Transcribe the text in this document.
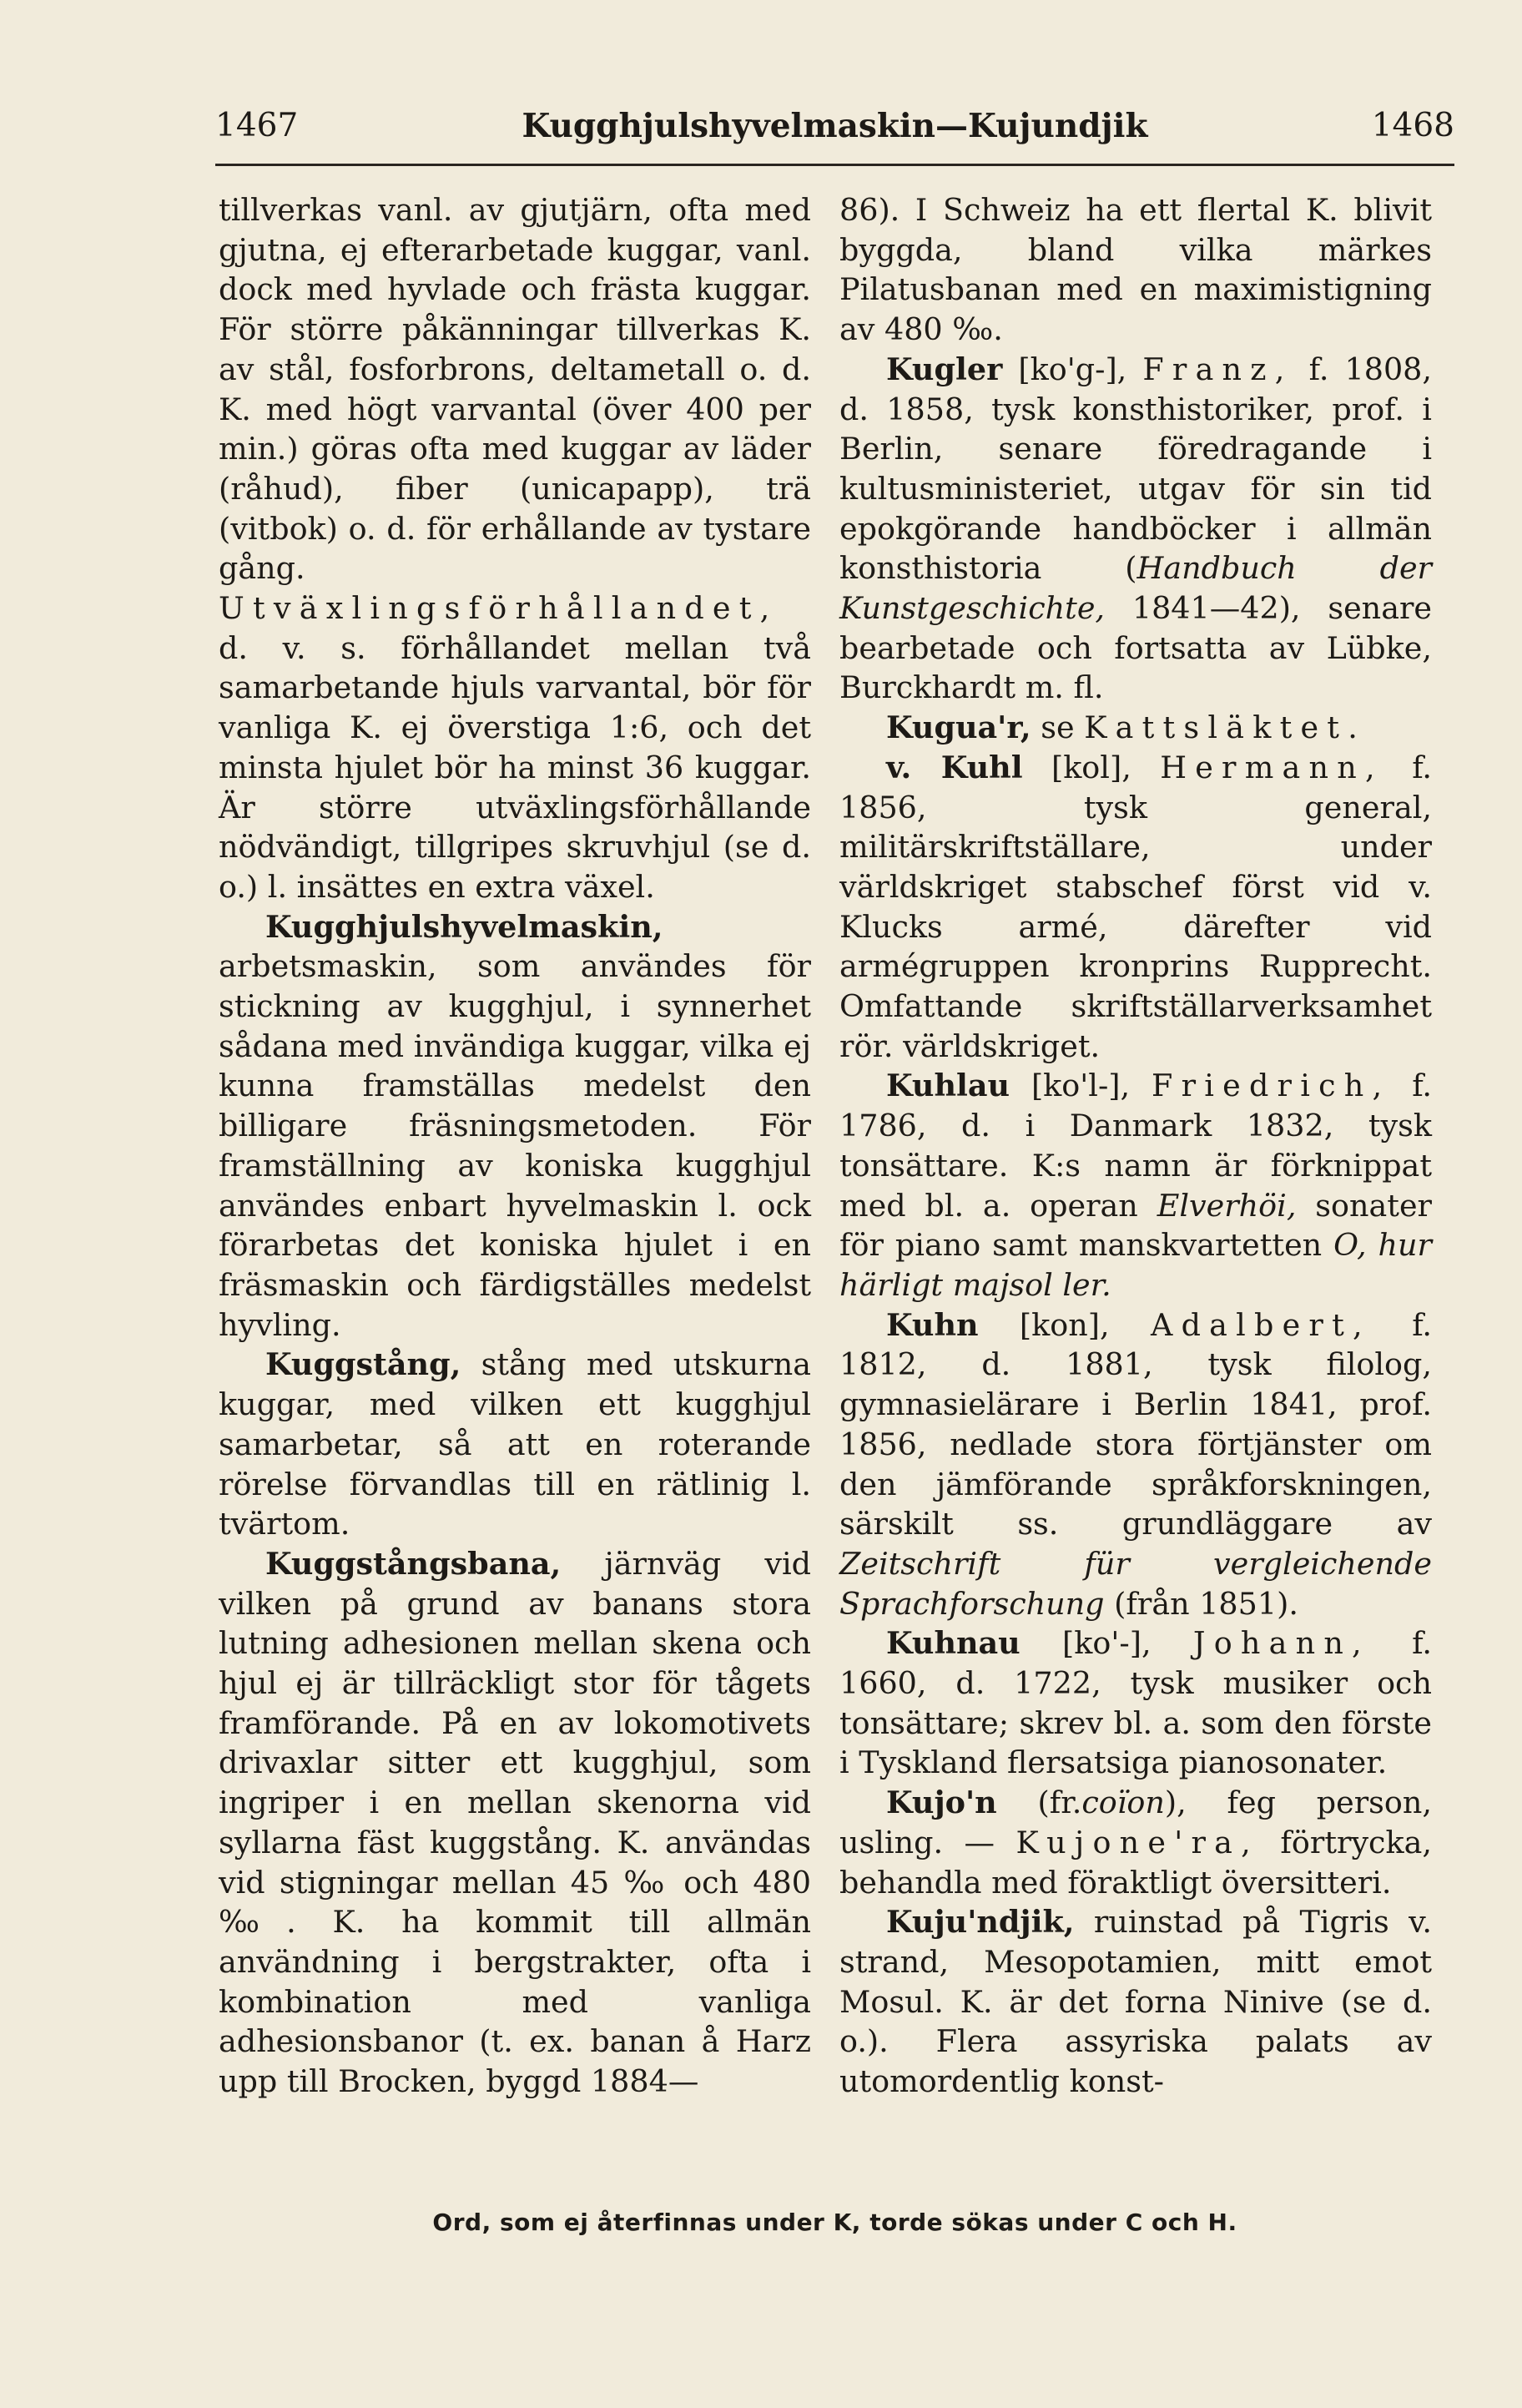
1467	Kugghjulshyvelmaskin—Kujundjik	1468

tillverkas vanl. av gjutjärn, ofta med gjutna, ej efterarbetade kuggar, vanl. dock med hyvlade och frästa kuggar. För större påkänningar tillverkas K. av stål, fosforbrons, deltametall o. d. K. med högt varvantal (över 400 per min.) göras ofta med kuggar av läder (råhud), fiber (unicapapp), trä (vitbok) o. d. för erhållande av tystare gång. Utväxlingsförhållandet, d. v. s. förhållandet mellan två samarbetande hjuls varvantal, bör för vanliga K. ej överstiga 1:6, och det minsta hjulet bör ha minst 36 kuggar. Är större utväxlingsförhållande nödvändigt, tillgripes skruvhjul (se d. o.) l. insättes en extra växel.

Kugghjulshyvelmaskin, arbetsmaskin, som användes för stickning av kugghjul, i synnerhet sådana med invändiga kuggar, vilka ej kunna framställas medelst den billigare fräsningsmetoden. För framställning av koniska kugghjul användes enbart hyvelmaskin l. ock förarbetas det koniska hjulet i en fräsmaskin och färdigställes medelst hyvling.

Kuggstång, stång med utskurna kuggar, med vilken ett kugghjul samarbetar, så att en roterande rörelse förvandlas till en rätlinig l. tvärtom.

Kuggstångsbana, järnväg vid vilken på grund av banans stora lutning adhesionen mellan skena och hjul ej är tillräckligt stor för tågets framförande. På en av lokomotivets drivaxlar sitter ett kugghjul, som ingriper i en mellan skenorna vid syllarna fäst kuggstång. K. användas vid stigningar mellan 45 ‰ och 480 ‰. K. ha kommit till allmän användning i bergstrakter, ofta i kombination med vanliga adhesionsbanor (t. ex. banan å Harz upp till Brocken, byggd 1884—

86). I Schweiz ha ett flertal K. blivit byggda, bland vilka märkes Pilatusbanan med en maximistigning av 480 ‰.

Kugler [ko'g-], Franz, f. 1808, d. 1858, tysk konsthistoriker, prof. i Berlin, senare föredragande i kultusministeriet, utgav för sin tid epokgörande handböcker i allmän konsthistoria (Handbuch der Kunstgeschichte, 1841—42), senare bearbetade och fortsatta av Lübke, Burckhardt m. fl.

Kugua'r, se Kattsläktet.

v. Kuhl [kol], Hermann, f. 1856, tysk general, militärskriftställare, under världskriget stabschef först vid v. Klucks armé, därefter vid armégruppen kronprins Rupprecht. Omfattande skriftställarverksamhet rör. världskriget.

Kuhlau [ko'l-], Friedrich, f. 1786, d. i Danmark 1832, tysk tonsättare. K:s namn är förknippat med bl. a. operan Elverhöi, sonater för piano samt manskvartetten O, hur härligt majsol ler.

Kuhn [kon], Adalbert, f. 1812, d. 1881, tysk filolog, gymnasielärare i Berlin 1841, prof. 1856, nedlade stora förtjänster om den jämförande språkforskningen, särskilt ss. grundläggare av Zeitschrift für vergleichende Sprachforschung (från 1851).

Kuhnau [ko'-], Johann, f. 1660, d. 1722, tysk musiker och tonsättare; skrev bl. a. som den förste i Tyskland flersatsiga pianosonater.

Kujo'n (fr.coïon), feg person, usling. — Kujone'ra, förtrycka, behandla med föraktligt översitteri.

Kuju'ndjik, ruinstad på Tigris v. strand, Mesopotamien, mitt emot Mosul. K. är det forna Ninive (se d. o.). Flera assyriska palats av utomordentlig konst-

Ord, som ej återfinnas under K, torde sökas under C och H.
